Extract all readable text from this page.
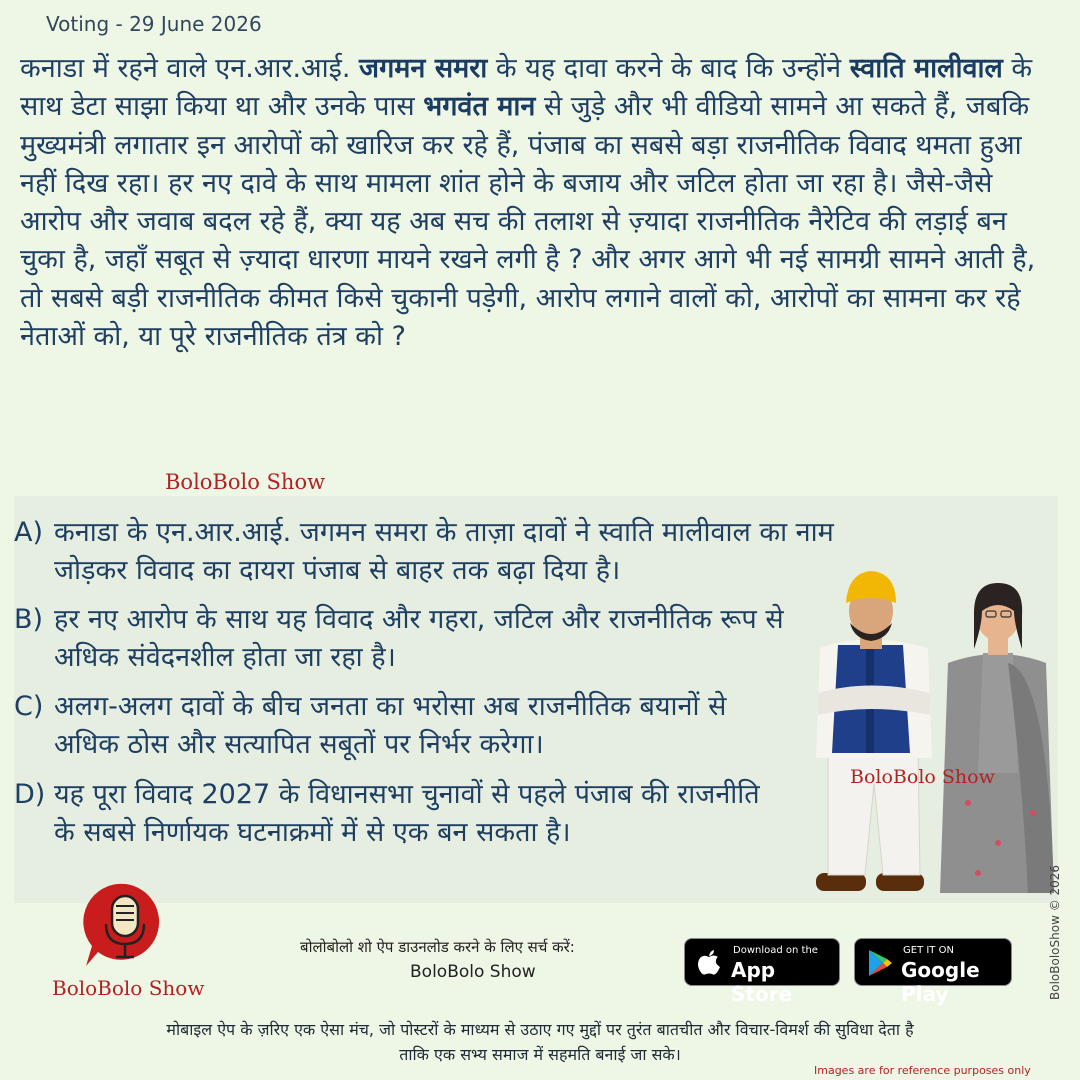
Voting - 29 June 2026

कनाडा में रहने वाले एन.आर.आई. जगमन समरा के यह दावा करने के बाद कि उन्होंने स्वाति मालीवाल के साथ डेटा साझा किया था और उनके पास भगवंत मान से जुड़े और भी वीडियो सामने आ सकते हैं, जबकि मुख्यमंत्री लगातार इन आरोपों को खारिज कर रहे हैं, पंजाब का सबसे बड़ा राजनीतिक विवाद थमता हुआ नहीं दिख रहा। हर नए दावे के साथ मामला शांत होने के बजाय और जटिल होता जा रहा है। जैसे-जैसे आरोप और जवाब बदल रहे हैं, क्या यह अब सच की तलाश से ज़्यादा राजनीतिक नैरेटिव की लड़ाई बन चुका है, जहाँ सबूत से ज़्यादा धारणा मायने रखने लगी है ? और अगर आगे भी नई सामग्री सामने आती है, तो सबसे बड़ी राजनीतिक कीमत किसे चुकानी पड़ेगी, आरोप लगाने वालों को, आरोपों का सामना कर रहे नेताओं को, या पूरे राजनीतिक तंत्र को ?

BoloBolo Show
A) कनाडा के एन.आर.आई. जगमन समरा के ताज़ा दावों ने स्वाति मालीवाल का नाम जोड़कर विवाद का दायरा पंजाब से बाहर तक बढ़ा दिया है।
B) हर नए आरोप के साथ यह विवाद और गहरा, जटिल और राजनीतिक रूप से अधिक संवेदनशील होता जा रहा है।
C) अलग-अलग दावों के बीच जनता का भरोसा अब राजनीतिक बयानों से अधिक ठोस और सत्यापित सबूतों पर निर्भर करेगा।
D) यह पूरा विवाद 2027 के विधानसभा चुनावों से पहले पंजाब की राजनीति के सबसे निर्णायक घटनाक्रमों में से एक बन सकता है।
BoloBolo Show
BoloBoloShow © 2026
BoloBolo Show
बोलोबोलो शो ऐप डाउनलोड करने के लिए सर्च करें:
BoloBolo Show
Download on the
App Store
GET IT ON
Google Play
मोबाइल ऐप के ज़रिए एक ऐसा मंच, जो पोस्टरों के माध्यम से उठाए गए मुद्दों पर तुरंत बातचीत और विचार-विमर्श की सुविधा देता है
ताकि एक सभ्य समाज में सहमति बनाई जा सके।
Images are for reference purposes only
